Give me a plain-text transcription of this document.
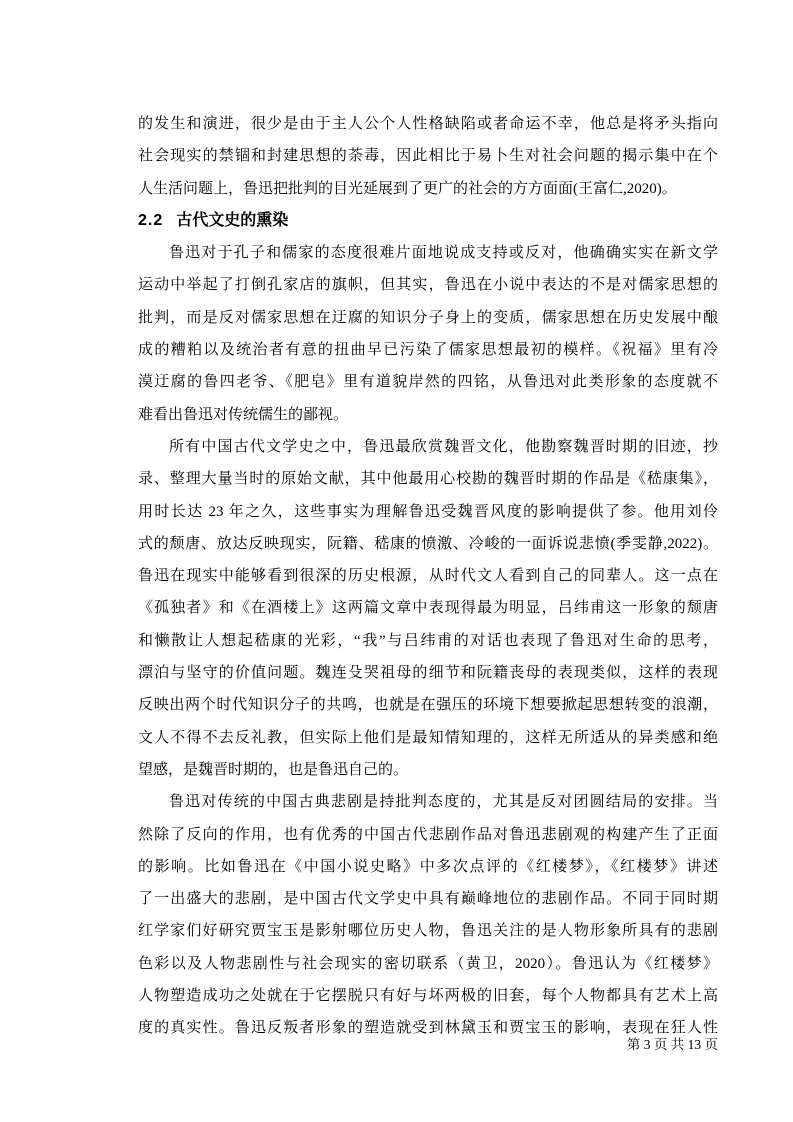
的发生和演进，很少是由于主人公个人性格缺陷或者命运不幸，他总是将矛头指向
社会现实的禁锢和封建思想的荼毒，因此相比于易卜生对社会问题的揭示集中在个
人生活问题上，鲁迅把批判的目光延展到了更广的社会的方方面面(王富仁,2020)。
2.2 古代文史的熏染
鲁迅对于孔子和儒家的态度很难片面地说成支持或反对，他确确实实在新文学
运动中举起了打倒孔家店的旗帜，但其实，鲁迅在小说中表达的不是对儒家思想的
批判，而是反对儒家思想在迂腐的知识分子身上的变质，儒家思想在历史发展中酿
成的糟粕以及统治者有意的扭曲早已污染了儒家思想最初的模样。《祝福》里有冷
漠迂腐的鲁四老爷、《肥皂》里有道貌岸然的四铭，从鲁迅对此类形象的态度就不
难看出鲁迅对传统儒生的鄙视。
所有中国古代文学史之中，鲁迅最欣赏魏晋文化，他勘察魏晋时期的旧迹，抄
录、整理大量当时的原始文献，其中他最用心校勘的魏晋时期的作品是《嵇康集》，
用时长达 23 年之久，这些事实为理解鲁迅受魏晋风度的影响提供了参。他用刘伶
式的颓唐、放达反映现实，阮籍、嵇康的愤激、冷峻的一面诉说悲愤(季雯静,2022)。
鲁迅在现实中能够看到很深的历史根源，从时代文人看到自己的同辈人。这一点在
《孤独者》和《在酒楼上》这两篇文章中表现得最为明显，吕纬甫这一形象的颓唐
和懒散让人想起嵇康的光彩，“我”与吕纬甫的对话也表现了鲁迅对生命的思考，
漂泊与坚守的价值问题。魏连殳哭祖母的细节和阮籍丧母的表现类似，这样的表现
反映出两个时代知识分子的共鸣，也就是在强压的环境下想要掀起思想转变的浪潮，
文人不得不去反礼教，但实际上他们是最知情知理的，这样无所适从的异类感和绝
望感，是魏晋时期的，也是鲁迅自己的。
鲁迅对传统的中国古典悲剧是持批判态度的，尤其是反对团圆结局的安排。当
然除了反向的作用，也有优秀的中国古代悲剧作品对鲁迅悲剧观的构建产生了正面
的影响。比如鲁迅在《中国小说史略》中多次点评的《红楼梦》，《红楼梦》讲述
了一出盛大的悲剧，是中国古代文学史中具有巅峰地位的悲剧作品。不同于同时期
红学家们好研究贾宝玉是影射哪位历史人物，鲁迅关注的是人物形象所具有的悲剧
色彩以及人物悲剧性与社会现实的密切联系（黄卫，2020）。鲁迅认为《红楼梦》
人物塑造成功之处就在于它摆脱只有好与坏两极的旧套，每个人物都具有艺术上高
度的真实性。鲁迅反叛者形象的塑造就受到林黛玉和贾宝玉的影响，表现在狂人性
第 3 页 共 13 页
